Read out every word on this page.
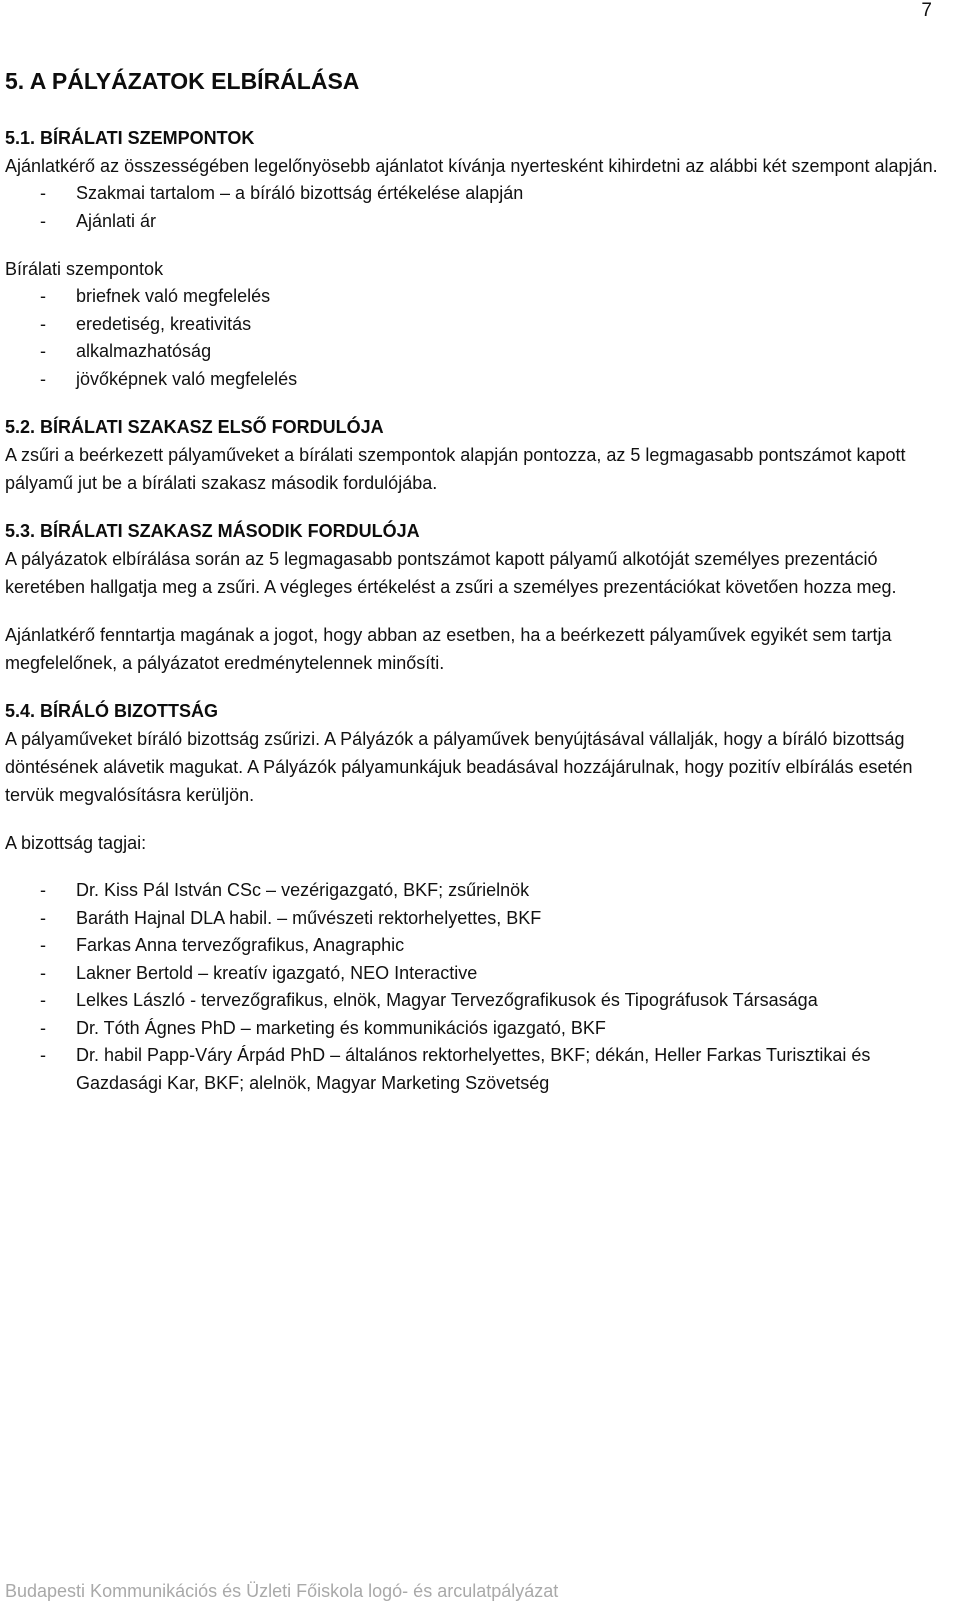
7
5. A PÁLYÁZATOK ELBÍRÁLÁSA
5.1. BÍRÁLATI SZEMPONTOK

Ajánlatkérő az összességében legelőnyösebb ajánlatot kívánja nyertesként kihirdetni az alábbi két szempont alapján.

- Szakmai tartalom – a bíráló bizottság értékelése alapján
- Ajánlati ár

Bírálati szempontok

- briefnek való megfelelés
- eredetiség, kreativitás
- alkalmazhatóság
- jövőképnek való megfelelés
5.2. BÍRÁLATI SZAKASZ ELSŐ FORDULÓJA

A zsűri a beérkezett pályaműveket a bírálati szempontok alapján pontozza, az 5 legmagasabb pontszámot kapott pályamű jut be a bírálati szakasz második fordulójába.

5.3. BÍRÁLATI SZAKASZ MÁSODIK FORDULÓJA

A pályázatok elbírálása során az 5 legmagasabb pontszámot kapott pályamű alkotóját személyes prezentáció keretében hallgatja meg a zsűri. A végleges értékelést a zsűri a személyes prezentációkat követően hozza meg.

Ajánlatkérő fenntartja magának a jogot, hogy abban az esetben, ha a beérkezett pályaművek egyikét sem tartja megfelelőnek, a pályázatot eredménytelennek minősíti.

5.4. BÍRÁLÓ BIZOTTSÁG

A pályaműveket bíráló bizottság zsűrizi. A Pályázók a pályaművek benyújtásával vállalják, hogy a bíráló bizottság döntésének alávetik magukat. A Pályázók pályamunkájuk beadásával hozzájárulnak, hogy pozitív elbírálás esetén tervük megvalósításra kerüljön.

A bizottság tagjai:

- Dr. Kiss Pál István CSc – vezérigazgató, BKF; zsűrielnök
- Baráth Hajnal DLA habil. – művészeti rektorhelyettes, BKF
- Farkas Anna tervezőgrafikus, Anagraphic
- Lakner Bertold – kreatív igazgató, NEO Interactive
- Lelkes László - tervezőgrafikus, elnök, Magyar Tervezőgrafikusok és Tipográfusok Társasága
- Dr. Tóth Ágnes PhD – marketing és kommunikációs igazgató, BKF
- Dr. habil Papp-Váry Árpád PhD – általános rektorhelyettes, BKF; dékán, Heller Farkas Turisztikai és Gazdasági Kar, BKF; alelnök, Magyar Marketing Szövetség
Budapesti Kommunikációs és Üzleti Főiskola logó- és arculatpályázat
